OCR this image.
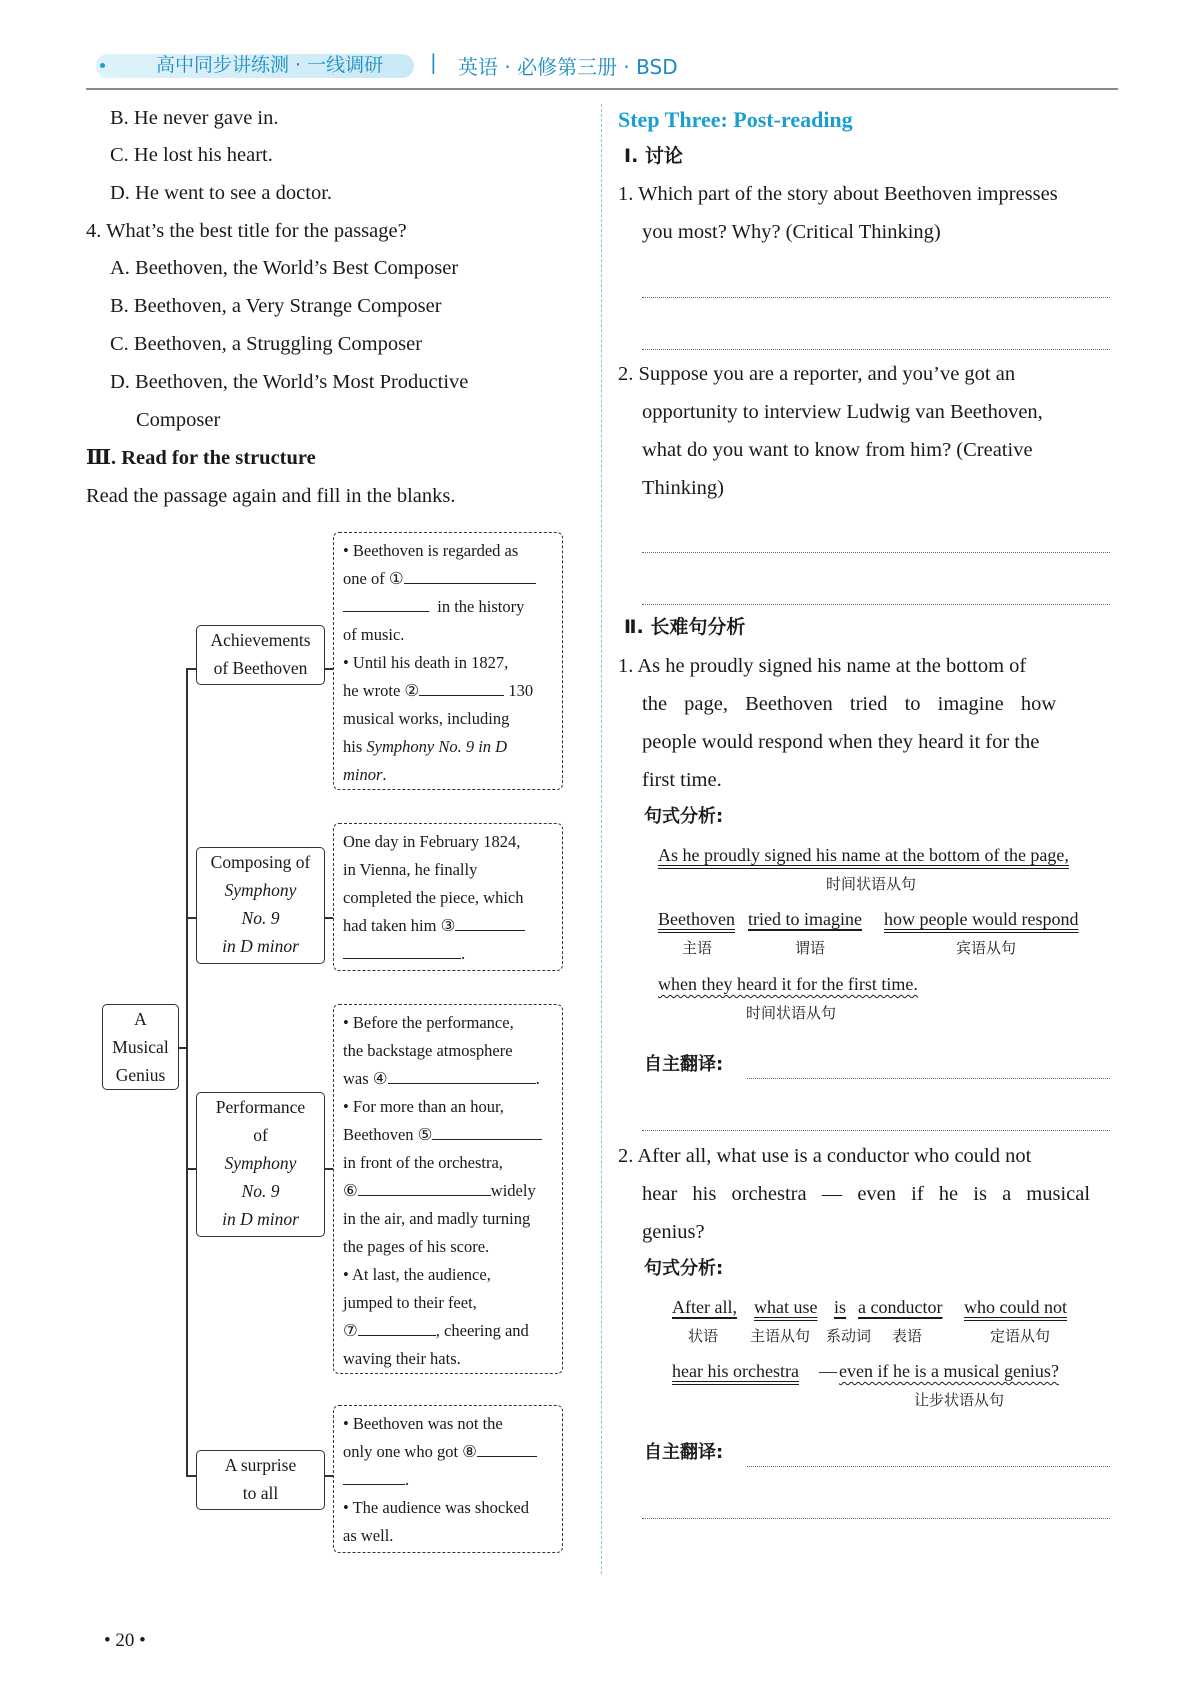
高中同步讲练测 · 一线调研 | 英语 · 必修第三册 · BSD
B. He never gave in.
C. He lost his heart.
D. He went to see a doctor.
4. What’s the best title for the passage?
A. Beethoven, the World’s Best Composer
B. Beethoven, a Very Strange Composer
C. Beethoven, a Struggling Composer
D. Beethoven, the World’s Most Productive
Composer
Ⅲ. Read for the structure
Read the passage again and fill in the blanks.
A
Musical
Genius
Achievements
of Beethoven
Composing of
Symphony
No. 9
in D minor
Performance
of
Symphony
No. 9
in D minor
A surprise
to all
• Beethoven is regarded as
one of ①
in the history
of music.
• Until his death in 1827,
he wrote ②	130
musical works, including
his Symphony No. 9 in D
minor.
One day in February 1824,
in Vienna, he finally
completed the piece, which
had taken him ③
.
• Before the performance,
the backstage atmosphere
was ④	.
• For more than an hour,
Beethoven ⑤
in front of the orchestra,
⑥	widely
in the air, and madly turning
the pages of his score.
• At last, the audience,
jumped to their feet,
⑦	, cheering and
waving their hats.
• Beethoven was not the
only one who got ⑧
.
• The audience was shocked
as well.
Step Three: Post-reading
Ⅰ. 讨论
1. Which part of the story about Beethoven impresses
you most? Why? (Critical Thinking)
2. Suppose you are a reporter, and you’ve got an
opportunity to interview Ludwig van Beethoven,
what do you want to know from him? (Creative
Thinking)
Ⅱ. 长难句分析
1. As he proudly signed his name at the bottom of
the page, Beethoven tried to imagine how
people would respond when they heard it for the
first time.
句式分析:
As he proudly signed his name at the bottom of the page,
时间状语从句
Beethoven tried to imagine how people would respond
主语	谓语	宾语从句
when they heard it for the first time.
时间状语从句
自主翻译:
2. After all, what use is a conductor who could not
hear his orchestra — even if he is a musical
genius?
句式分析:
After all, what use is a conductor who could not
状语 主语从句 系动词 表语	定语从句
hear his orchestra — even if he is a musical genius?
让步状语从句
自主翻译:
• 20 •
